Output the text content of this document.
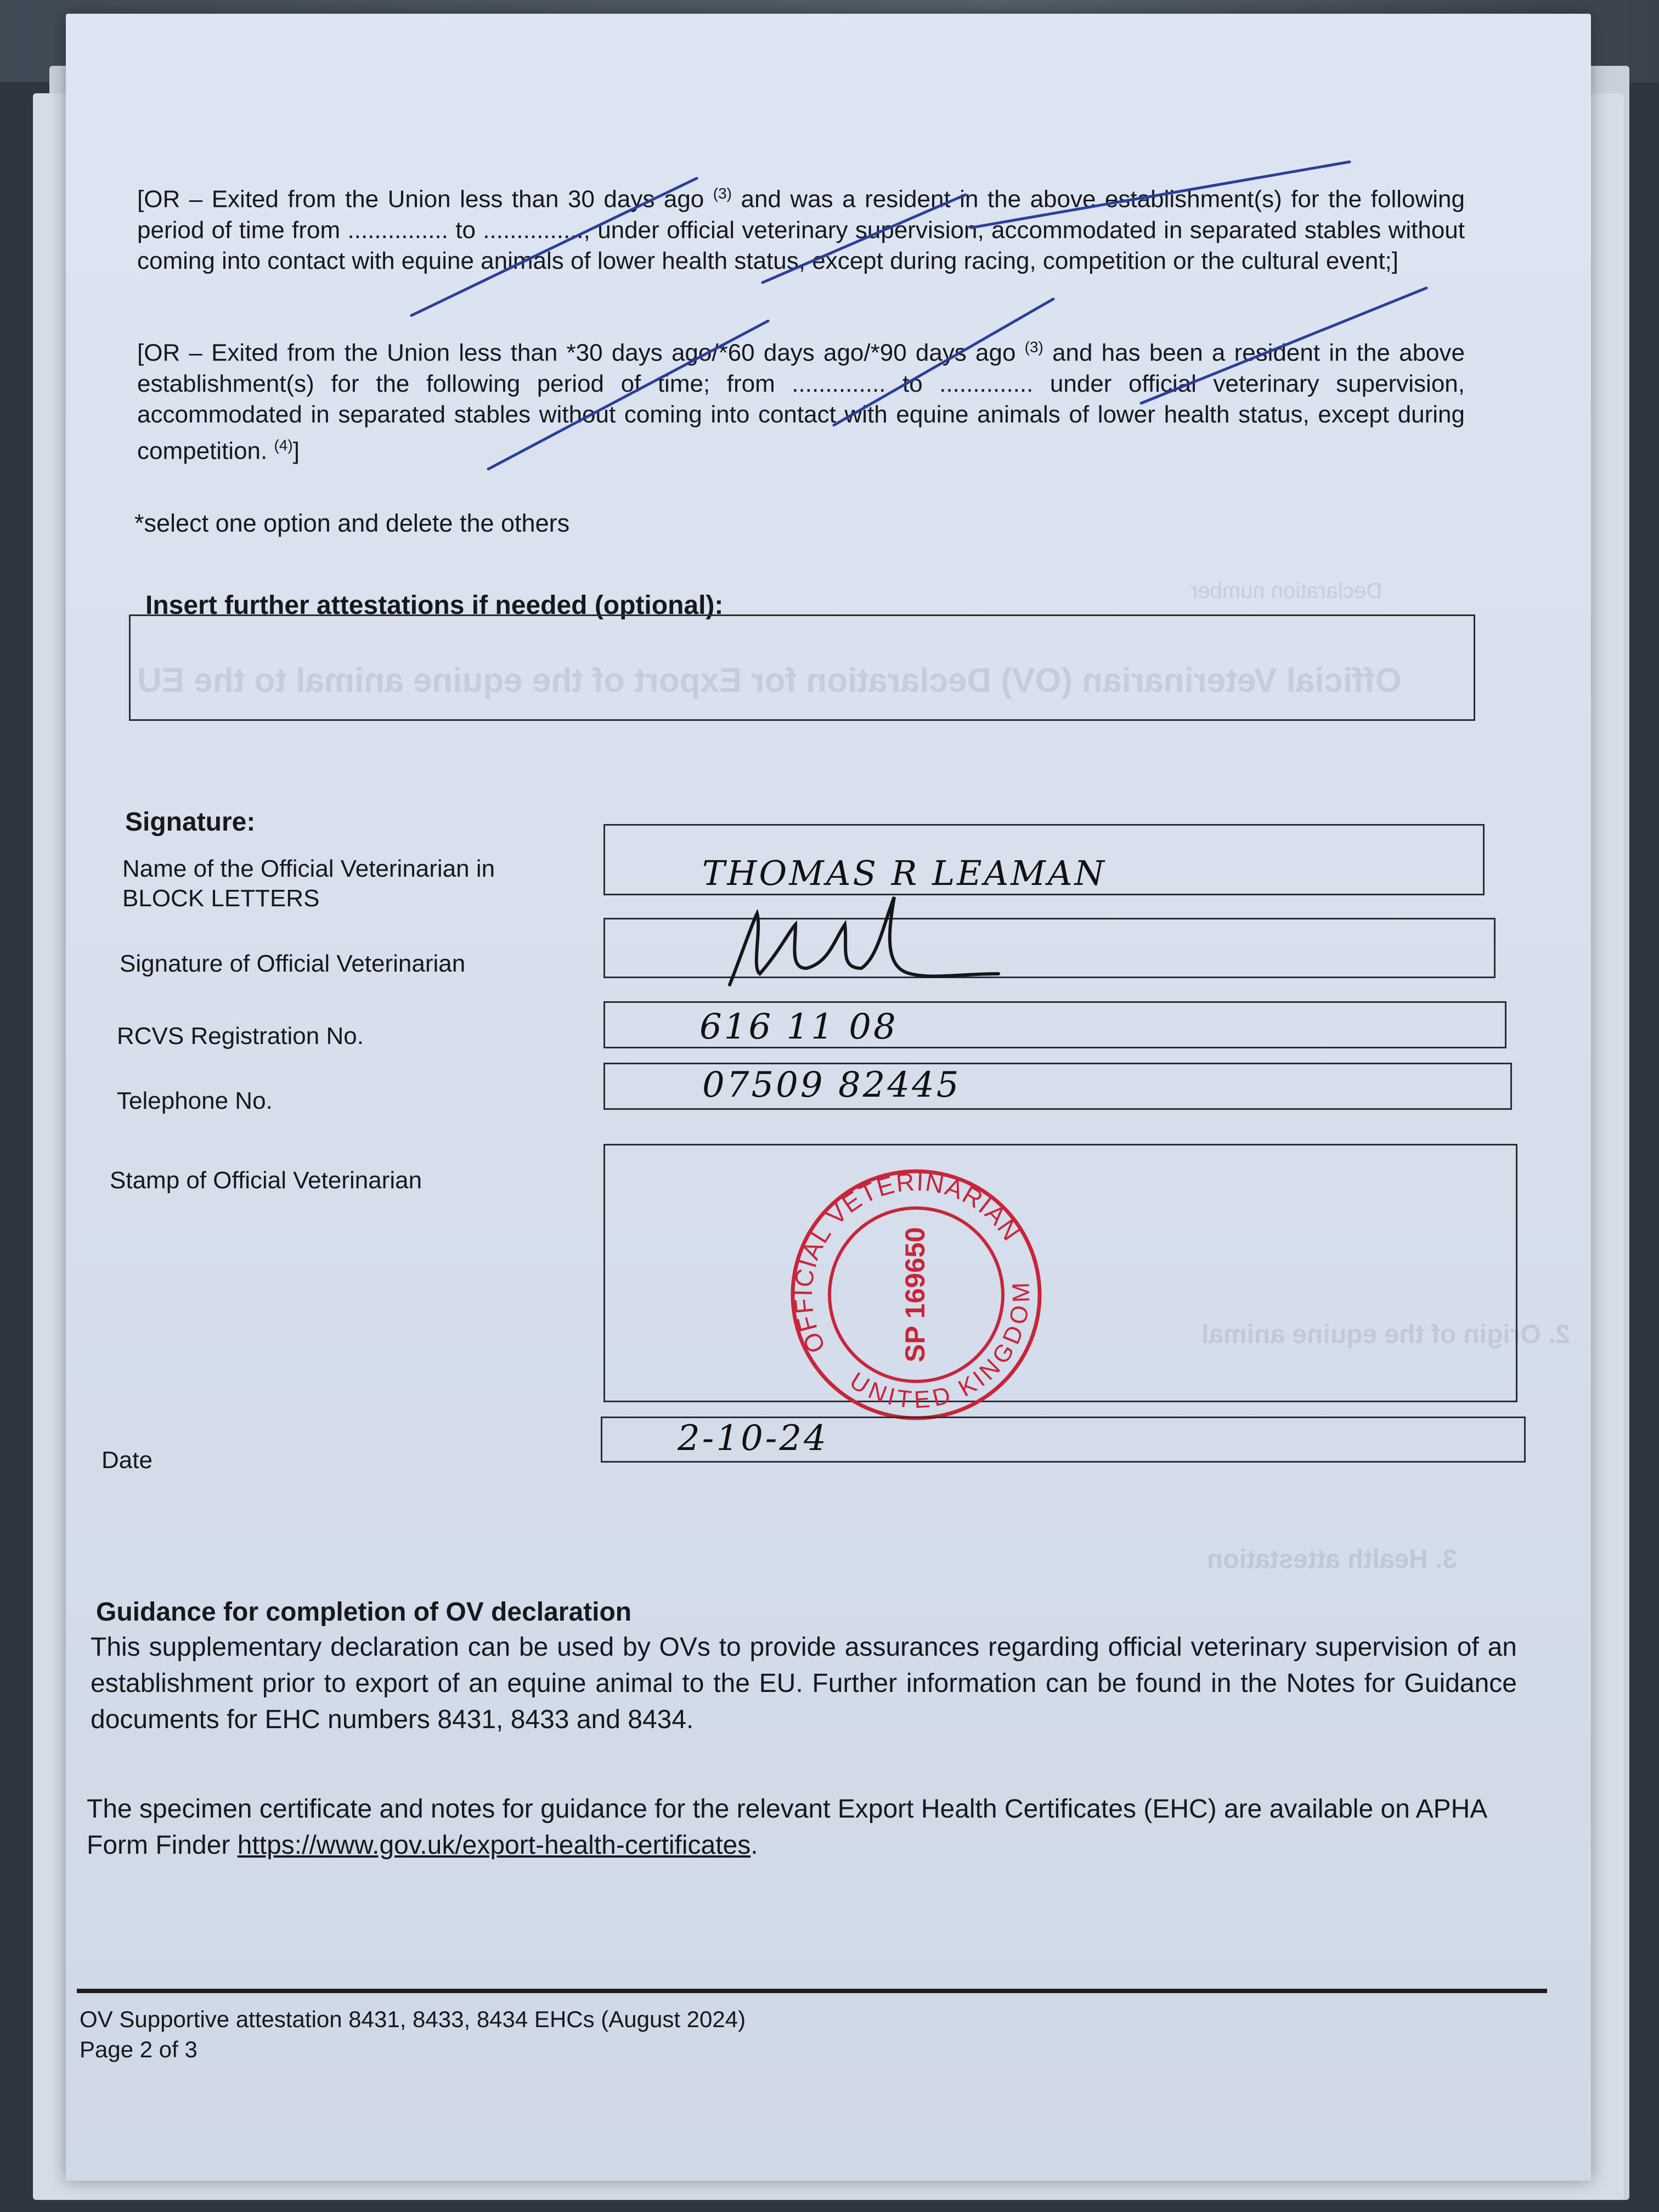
Official Veterinarian (OV) Declaration for Export of the equine animal to the EU
Declaration number
2. Origin of the equine animal
3. Health attestation
[OR – Exited from the Union less than 30 days ago $^{(3)}$ and was a resident in the above establishment(s) for the following period of time from ............... to ..............., under official veterinary supervision, accommodated in separated stables without coming into contact with equine animals of lower health status, except during racing, competition or the cultural event;]
[OR – Exited from the Union less than *30 days ago/*60 days ago/*90 days ago $^{(3)}$ and has been a resident in the above establishment(s) for the following period of time; from .............. to .............. under official veterinary supervision, accommodated in separated stables without coming into contact with equine animals of lower health status, except during competition. $^{(4)}$]
*select one option and delete the others
Insert further attestations if needed (optional):
Signature:
Name of the Official Veterinarian in BLOCK LETTERS
THOMAS R LEAMAN
Signature of Official Veterinarian
RCVS Registration No.	616 11 08
Telephone No.	07509 82445
Stamp of Official Veterinarian
OFFICIAL VETERINARIAN
UNITED KINGDOM
SP 169650
Date
2-10-24
Guidance for completion of OV declaration
This supplementary declaration can be used by OVs to provide assurances regarding official veterinary supervision of an establishment prior to export of an equine animal to the EU. Further information can be found in the Notes for Guidance documents for EHC numbers 8431, 8433 and 8434.
The specimen certificate and notes for guidance for the relevant Export Health Certificates (EHC) are available on APHA Form Finder https://www.gov.uk/export-health-certificates.
OV Supportive attestation 8431, 8433, 8434 EHCs (August 2024)
Page 2 of 3
